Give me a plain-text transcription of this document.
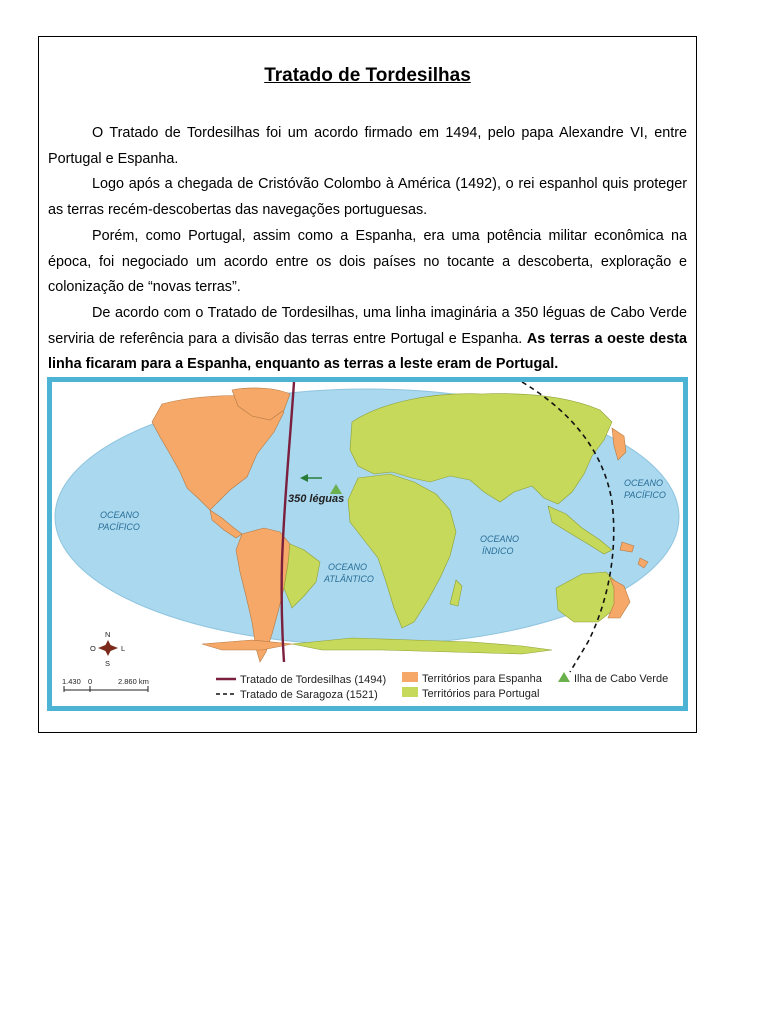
Tratado de Tordesilhas

O Tratado de Tordesilhas foi um acordo firmado em 1494, pelo papa Alexandre VI, entre Portugal e Espanha.

Logo após a chegada de Cristóvão Colombo à América (1492), o rei espanhol quis proteger as terras recém-descobertas das navegações portuguesas.

Porém, como Portugal, assim como a Espanha, era uma potência militar econômica na época, foi negociado um acordo entre os dois países no tocante a descoberta, exploração e colonização de “novas terras”.

De acordo com o Tratado de Tordesilhas, uma linha imaginária a 350 léguas de Cabo Verde serviria de referência para a divisão das terras entre Portugal e Espanha. As terras a oeste desta linha ficaram para a Espanha, enquanto as terras a leste eram de Portugal.

350 léguas
OCEANO
PACÍFICO
OCEANO
PACÍFICO
OCEANO
ATLÂNTICO
OCEANO
ÍNDICO
N
S
O	L
1.430 0	2.860 km	Tratado de Tordesilhas (1494)
Tratado de Saragoza (1521)
Territórios para Espanha
Territórios para Portugal
Ilha de Cabo Verde
